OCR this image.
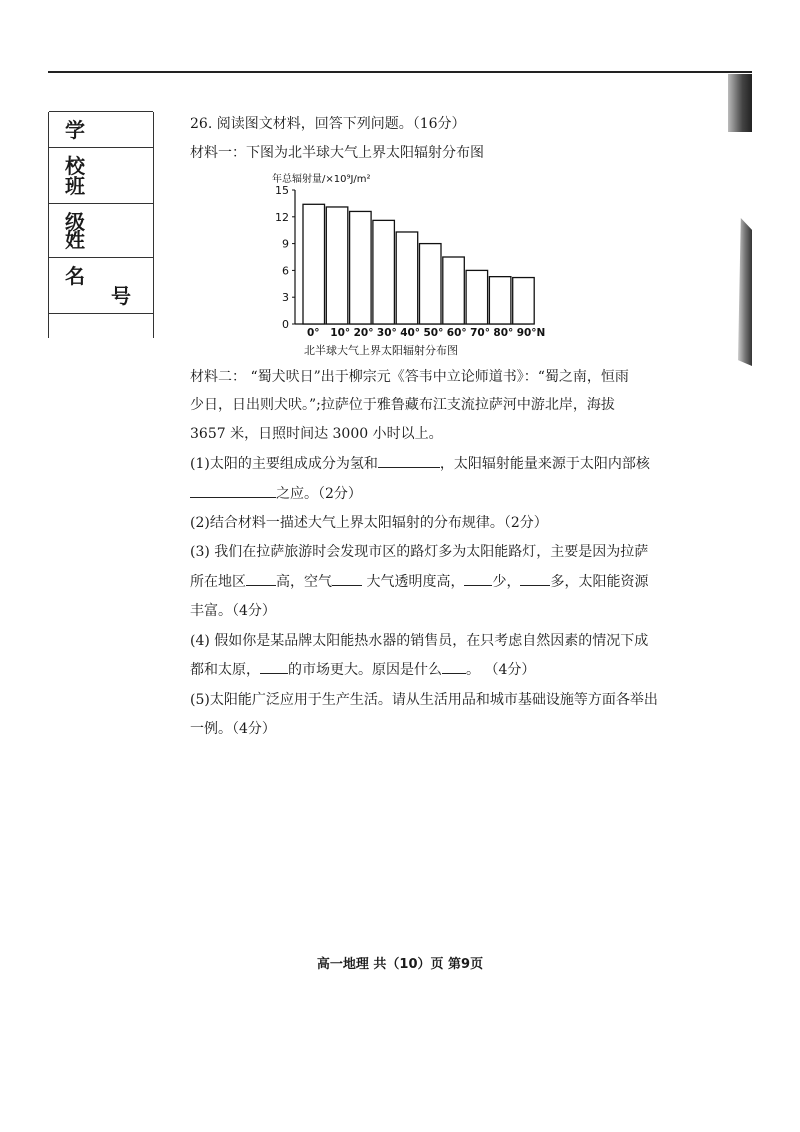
学 校
班 级
姓 名
号
26. 阅读图文材料，回答下列问题。（16分）
材料一：下图为北半球大气上界太阳辐射分布图
年总辐射量/×10⁹J/m²
0
3
6
9
12
15
0° 10° 20° 30° 40° 50° 60° 70° 80° 90°N
北半球大气上界太阳辐射分布图
材料二： “蜀犬吠日”出于柳宗元《答韦中立论师道书》：“蜀之南，恒雨
少日，日出则犬吠。”;拉萨位于雅鲁藏布江支流拉萨河中游北岸，海拔
3657 米，日照时间达 3000 小时以上。
(1)太阳的主要组成成分为氢和	，太阳辐射能量来源于太阳内部核
之应。（2分）
(2)结合材料一描述大气上界太阳辐射的分布规律。（2分）
(3) 我们在拉萨旅游时会发现市区的路灯多为太阳能路灯，主要是因为拉萨
所在地区 高，空气 大气透明度高， 少， 多，太阳能资源
丰富。（4分）
(4) 假如你是某品牌太阳能热水器的销售员，在只考虑自然因素的情况下成
都和太原， 的市场更大。原因是什么 。 （4分）
(5)太阳能广泛应用于生产生活。请从生活用品和城市基础设施等方面各举出
一例。（4分）
高一地理 共（10）页 第9页
